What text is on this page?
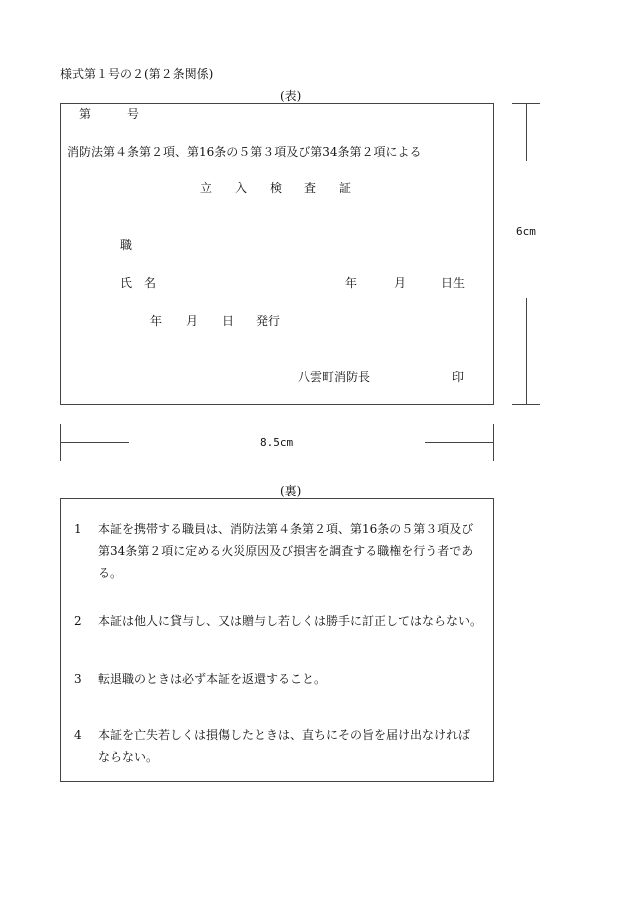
様式第１号の２(第２条関係)
(表)
第	号
消防法第４条第２項、第16条の５第３項及び第34条第２項による
立 入 検 査 証
職
氏 名	年	月	日生
年 月 日 発行
八雲町消防長	印
6cm
8.5cm
(裏)
1 本証を携帯する職員は、消防法第４条第２項、第16条の５第３項及び第34条第２項に定める火災原因及び損害を調査する職権を行う者である。
2 本証は他人に貸与し、又は贈与し若しくは勝手に訂正してはならない。
3 転退職のときは必ず本証を返還すること。
4 本証を亡失若しくは損傷したときは、直ちにその旨を届け出なければならない。
